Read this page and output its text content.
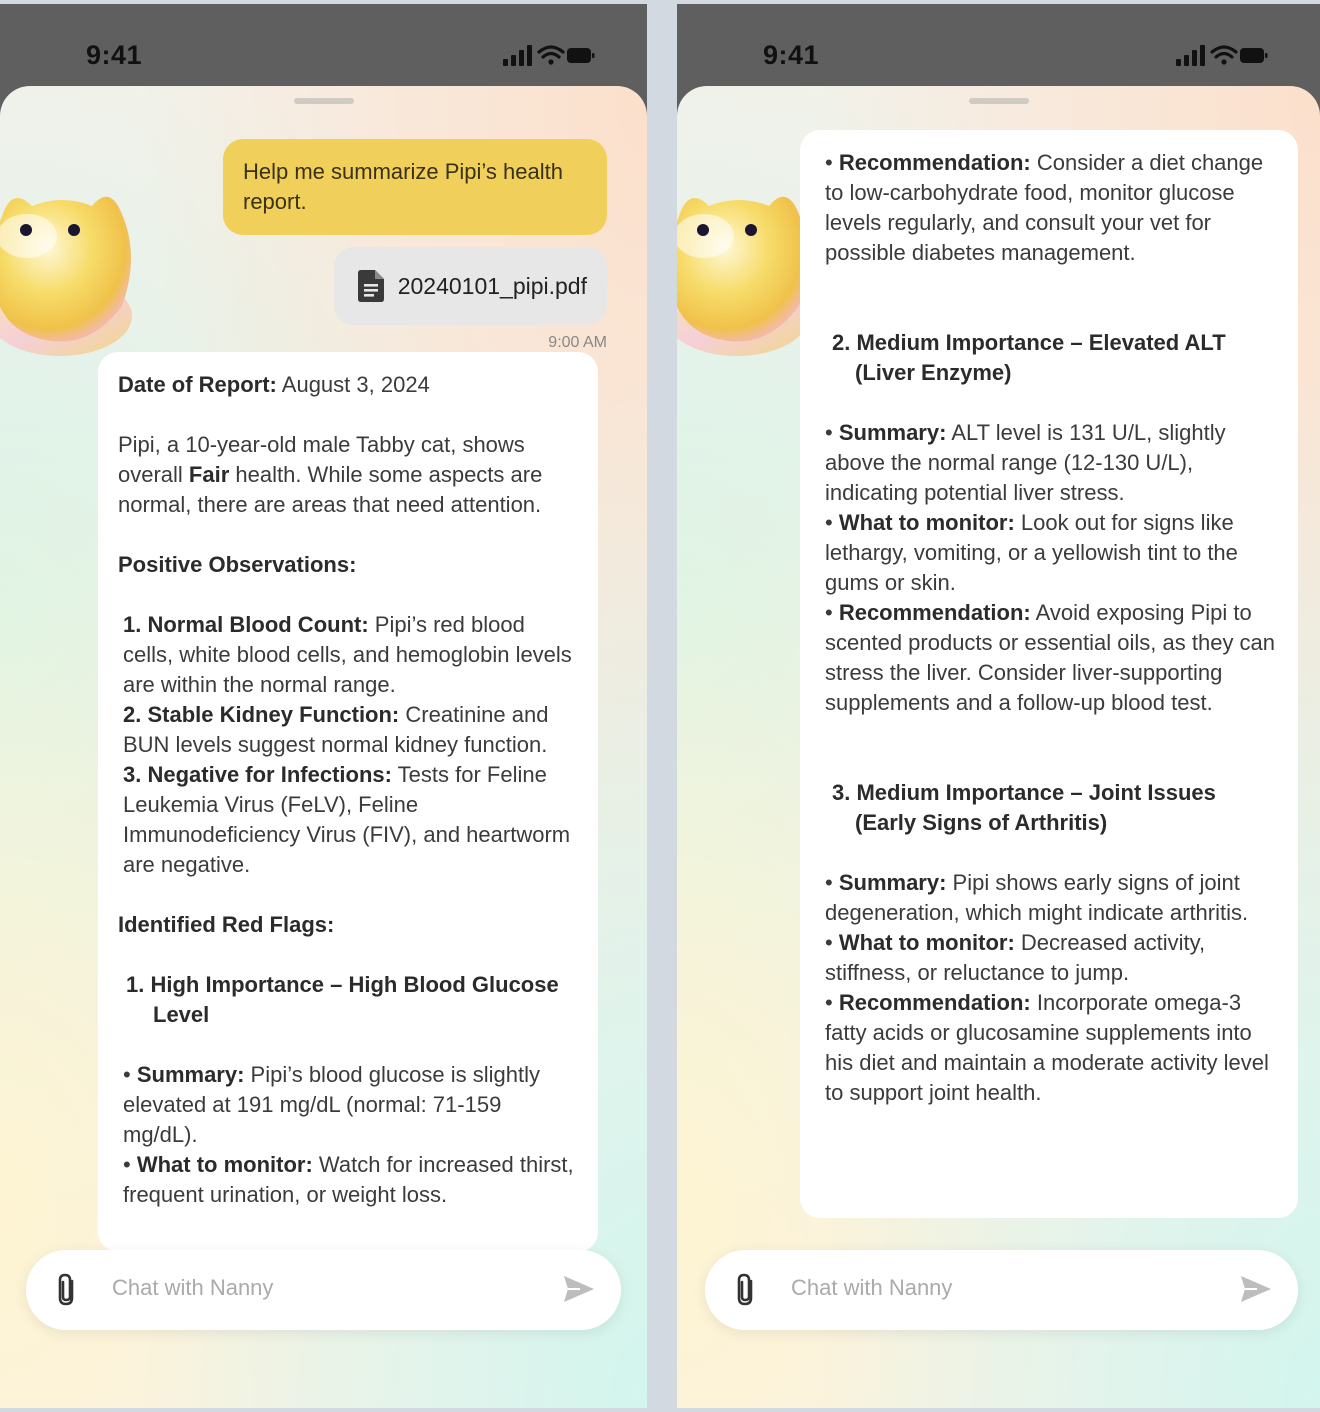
9:41
Help me summarize Pipi’s health report.
20240101_pipi.pdf
9:00 AM

Date of Report: August 3, 2024

Pipi, a 10-year-old male Tabby cat, shows overall Fair health. While some aspects are normal, there are areas that need attention.

Positive Observations:

1. Normal Blood Count: Pipi’s red blood cells, white blood cells, and hemoglobin levels are within the normal range.

2. Stable Kidney Function: Creatinine and BUN levels suggest normal kidney function.

3. Negative for Infections: Tests for Feline Leukemia Virus (FeLV), Feline Immunodeficiency Virus (FIV), and heartworm are negative.

Identified Red Flags:

1. High Importance – High Blood Glucose Level

• Summary: Pipi’s blood glucose is slightly elevated at 191 mg/dL (normal: 71-159 mg/dL).

• What to monitor: Watch for increased thirst, frequent urination, or weight loss.

Chat with Nanny
9:41

• Recommendation: Consider a diet change to low-carbohydrate food, monitor glucose levels regularly, and consult your vet for possible diabetes management.

2. Medium Importance – Elevated ALT (Liver Enzyme)

• Summary: ALT level is 131 U/L, slightly above the normal range (12-130 U/L), indicating potential liver stress.

• What to monitor: Look out for signs like lethargy, vomiting, or a yellowish tint to the gums or skin.

• Recommendation: Avoid exposing Pipi to scented products or essential oils, as they can stress the liver. Consider liver-supporting supplements and a follow-up blood test.

3. Medium Importance – Joint Issues (Early Signs of Arthritis)

• Summary: Pipi shows early signs of joint degeneration, which might indicate arthritis.

• What to monitor: Decreased activity, stiffness, or reluctance to jump.

• Recommendation: Incorporate omega-3 fatty acids or glucosamine supplements into his diet and maintain a moderate activity level to support joint health.

Chat with Nanny
